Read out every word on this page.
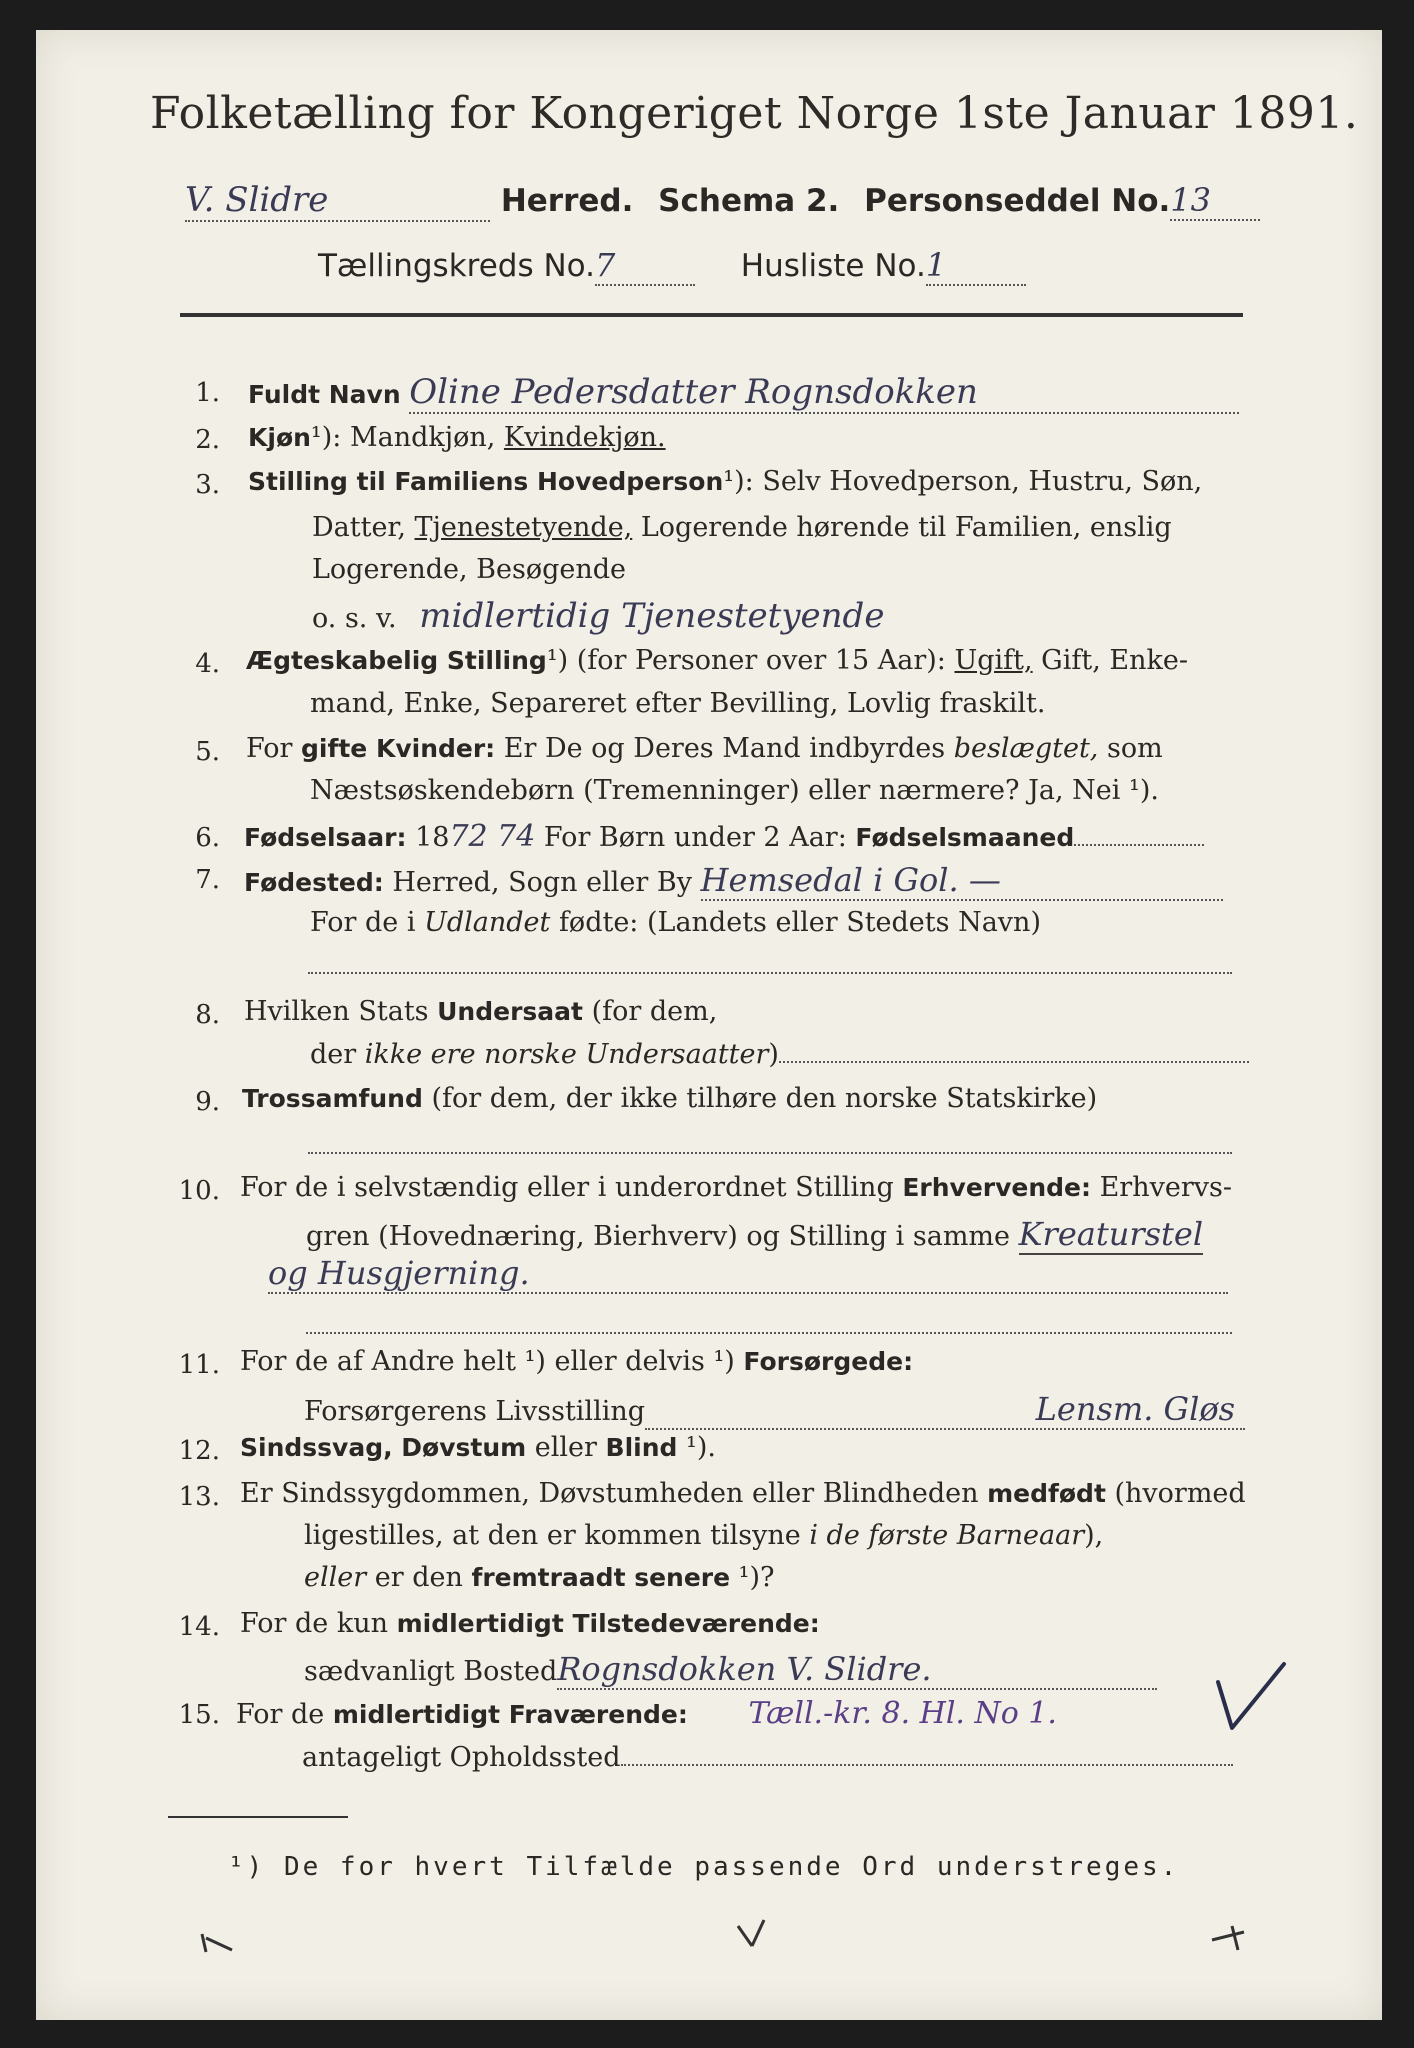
Folketælling for Kongeriget Norge 1ste Januar 1891.
V. Slidre	Herred. Schema 2. Personseddel No.13
Tællingskreds No.7	Husliste No.1
1. Fuldt Navn Oline Pedersdatter Rognsdokken
2. Kjøn¹): Mandkjøn, Kvindekjøn.
3. Stilling til Familiens Hovedperson¹): Selv Hovedperson, Hustru, Søn,
Datter, Tjenestetyende, Logerende hørende til Familien, enslig
Logerende, Besøgende
o. s. v. midlertidig Tjenestetyende
4. Ægteskabelig Stilling¹) (for Personer over 15 Aar): Ugift, Gift, Enke-
mand, Enke, Separeret efter Bevilling, Lovlig fraskilt.
5. For gifte Kvinder: Er De og Deres Mand indbyrdes beslægtet, som
Næstsøskendebørn (Tremenninger) eller nærmere? Ja, Nei ¹).
6. Fødselsaar: 1872 74 For Børn under 2 Aar: Fødselsmaaned
7. Fødested: Herred, Sogn eller By Hemsedal i Gol. —
For de i Udlandet fødte: (Landets eller Stedets Navn)
8. Hvilken Stats Undersaat (for dem,
der ikke ere norske Undersaatter)
9. Trossamfund (for dem, der ikke tilhøre den norske Statskirke)
10. For de i selvstændig eller i underordnet Stilling Erhvervende: Erhvervs-
gren (Hovednæring, Bierhverv) og Stilling i samme Kreaturstel
og Husgjerning.
11. For de af Andre helt ¹) eller delvis ¹) Forsørgede:
Forsørgerens Livsstilling	Lensm. Gløs
12. Sindssvag, Døvstum eller Blind ¹).
13. Er Sindssygdommen, Døvstumheden eller Blindheden medfødt (hvormed
ligestilles, at den er kommen tilsyne i de første Barneaar),
eller er den fremtraadt senere ¹)?
14. For de kun midlertidigt Tilstedeværende:
sædvanligt BostedRognsdokken V. Slidre.
15. For de midlertidigt Fraværende: Tæll.-kr. 8. Hl. No 1.
antageligt Opholdssted
¹) De for hvert Tilfælde passende Ord understreges.
